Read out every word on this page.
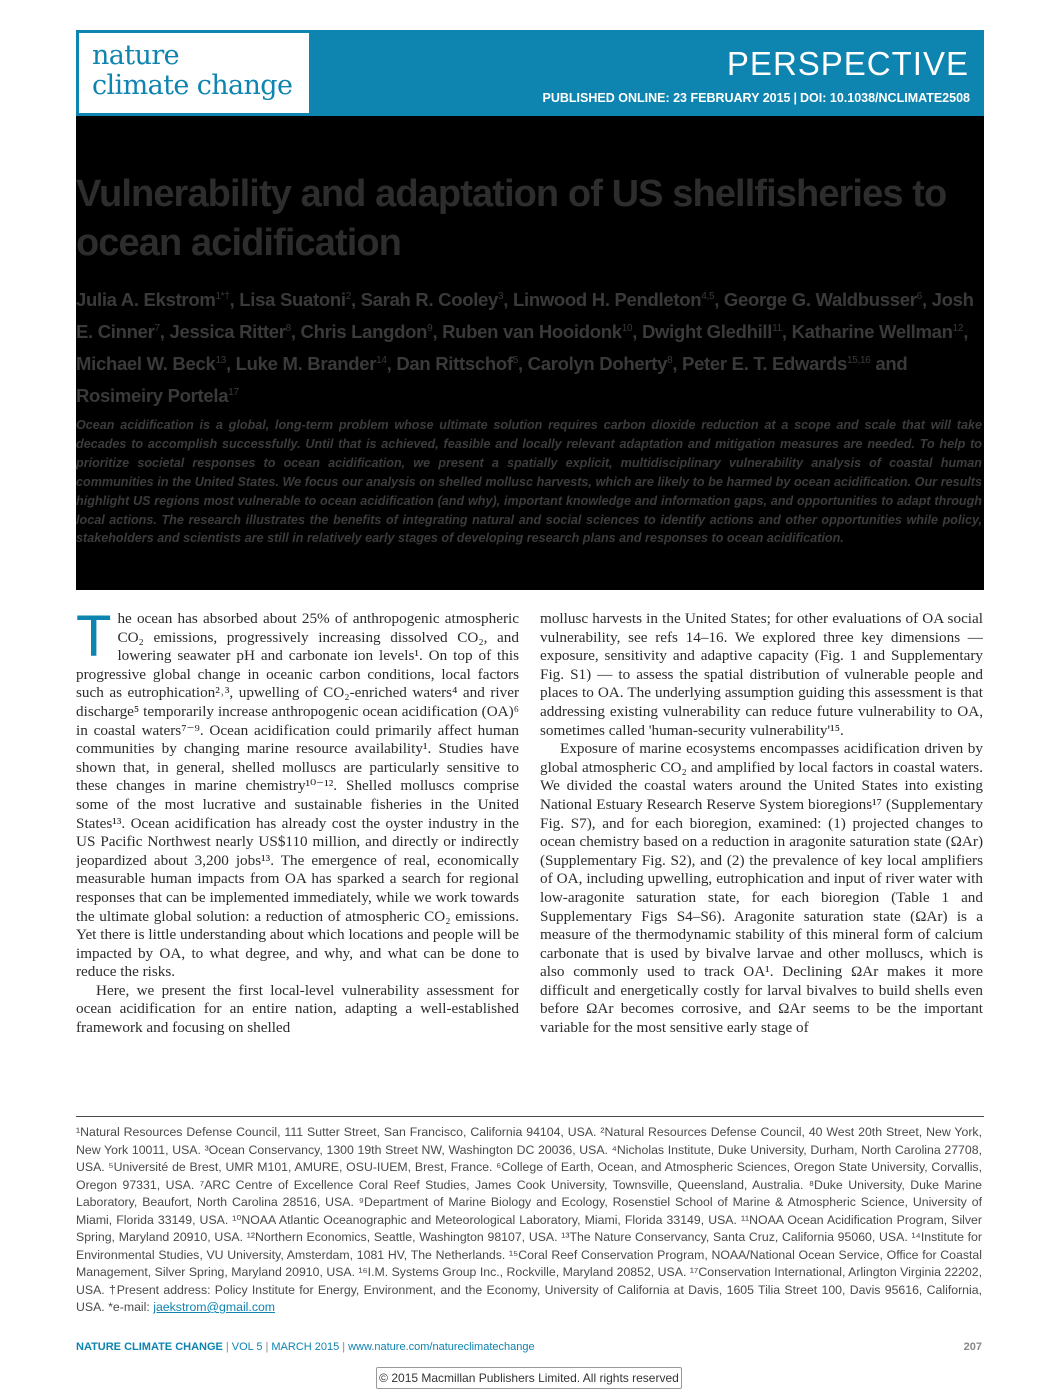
nature
climate change

PERSPECTIVE
PUBLISHED ONLINE: 23 FEBRUARY 2015 | DOI: 10.1038/NCLIMATE2508
Vulnerability and adaptation of US shellfisheries to ocean acidification

Julia A. Ekstrom$^{1*\dagger}$, Lisa Suatoni$^2$, Sarah R. Cooley$^3$, Linwood H. Pendleton$^{4,5}$, George G. Waldbusser$^6$, Josh E. Cinner$^7$, Jessica Ritter$^8$, Chris Langdon$^9$, Ruben van Hooidonk$^{10}$, Dwight Gledhill$^{11}$, Katharine Wellman$^{12}$, Michael W. Beck$^{13}$, Luke M. Brander$^{14}$, Dan Rittschof$^5$, Carolyn Doherty$^8$, Peter E. T. Edwards$^{15,16}$ and Rosimeiry Portela$^{17}$

Ocean acidification is a global, long-term problem whose ultimate solution requires carbon dioxide reduction at a scope and scale that will take decades to accomplish successfully. Until that is achieved, feasible and locally relevant adaptation and mitigation measures are needed. To help to prioritize societal responses to ocean acidification, we present a spatially explicit, multidisciplinary vulnerability analysis of coastal human communities in the United States. We focus our analysis on shelled mollusc harvests, which are likely to be harmed by ocean acidification. Our results highlight US regions most vulnerable to ocean acidification (and why), important knowledge and information gaps, and opportunities to adapt through local actions. The research illustrates the benefits of integrating natural and social sciences to identify actions and other opportunities while policy, stakeholders and scientists are still in relatively early stages of developing research plans and responses to ocean acidification.

The ocean has absorbed about 25% of anthropogenic atmospheric CO₂ emissions, progressively increasing dissolved CO₂, and lowering seawater pH and carbonate ion levels¹. On top of this progressive global change in oceanic carbon conditions, local factors such as eutrophication²˒³, upwelling of CO₂-enriched waters⁴ and river discharge⁵ temporarily increase anthropogenic ocean acidification (OA)⁶ in coastal waters⁷⁻⁹. Ocean acidification could primarily affect human communities by changing marine resource availability¹. Studies have shown that, in general, shelled molluscs are particularly sensitive to these changes in marine chemistry¹⁰⁻¹². Shelled molluscs comprise some of the most lucrative and sustainable fisheries in the United States¹³. Ocean acidification has already cost the oyster industry in the US Pacific Northwest nearly US$110 million, and directly or indirectly jeopardized about 3,200 jobs¹³. The emergence of real, economically measurable human impacts from OA has sparked a search for regional responses that can be implemented immediately, while we work towards the ultimate global solution: a reduction of atmospheric CO₂ emissions. Yet there is little understanding about which locations and people will be impacted by OA, to what degree, and why, and what can be done to reduce the risks.

Here, we present the first local-level vulnerability assessment for ocean acidification for an entire nation, adapting a well-established framework and focusing on shelled

mollusc harvests in the United States; for other evaluations of OA social vulnerability, see refs 14–16. We explored three key dimensions — exposure, sensitivity and adaptive capacity (Fig. 1 and Supplementary Fig. S1) — to assess the spatial distribution of vulnerable people and places to OA. The underlying assumption guiding this assessment is that addressing existing vulnerability can reduce future vulnerability to OA, sometimes called 'human-security vulnerability'¹⁵.

Exposure of marine ecosystems encompasses acidification driven by global atmospheric CO₂ and amplified by local factors in coastal waters. We divided the coastal waters around the United States into existing National Estuary Research Reserve System bioregions¹⁷ (Supplementary Fig. S7), and for each bioregion, examined: (1) projected changes to ocean chemistry based on a reduction in aragonite saturation state (ΩAr) (Supplementary Fig. S2), and (2) the prevalence of key local amplifiers of OA, including upwelling, eutrophication and input of river water with low-aragonite saturation state, for each bioregion (Table 1 and Supplementary Figs S4–S6). Aragonite saturation state (ΩAr) is a measure of the thermodynamic stability of this mineral form of calcium carbonate that is used by bivalve larvae and other molluscs, which is also commonly used to track OA¹. Declining ΩAr makes it more difficult and energetically costly for larval bivalves to build shells even before ΩAr becomes corrosive, and ΩAr seems to be the important variable for the most sensitive early stage of

¹Natural Resources Defense Council, 111 Sutter Street, San Francisco, California 94104, USA. ²Natural Resources Defense Council, 40 West 20th Street, New York, New York 10011, USA. ³Ocean Conservancy, 1300 19th Street NW, Washington DC 20036, USA. ⁴Nicholas Institute, Duke University, Durham, North Carolina 27708, USA. ⁵Université de Brest, UMR M101, AMURE, OSU-IUEM, Brest, France. ⁶College of Earth, Ocean, and Atmospheric Sciences, Oregon State University, Corvallis, Oregon 97331, USA. ⁷ARC Centre of Excellence Coral Reef Studies, James Cook University, Townsville, Queensland, Australia. ⁸Duke University, Duke Marine Laboratory, Beaufort, North Carolina 28516, USA. ⁹Department of Marine Biology and Ecology, Rosenstiel School of Marine & Atmospheric Science, University of Miami, Florida 33149, USA. ¹⁰NOAA Atlantic Oceanographic and Meteorological Laboratory, Miami, Florida 33149, USA. ¹¹NOAA Ocean Acidification Program, Silver Spring, Maryland 20910, USA. ¹²Northern Economics, Seattle, Washington 98107, USA. ¹³The Nature Conservancy, Santa Cruz, California 95060, USA. ¹⁴Institute for Environmental Studies, VU University, Amsterdam, 1081 HV, The Netherlands. ¹⁵Coral Reef Conservation Program, NOAA/National Ocean Service, Office for Coastal Management, Silver Spring, Maryland 20910, USA. ¹⁶I.M. Systems Group Inc., Rockville, Maryland 20852, USA. ¹⁷Conservation International, Arlington Virginia 22202, USA. †Present address: Policy Institute for Energy, Environment, and the Economy, University of California at Davis, 1605 Tilia Street 100, Davis 95616, California, USA. *e-mail: jaekstrom@gmail.com

NATURE CLIMATE CHANGE | VOL 5 | MARCH 2015 | www.nature.com/natureclimatechange	207
© 2015 Macmillan Publishers Limited. All rights reserved
